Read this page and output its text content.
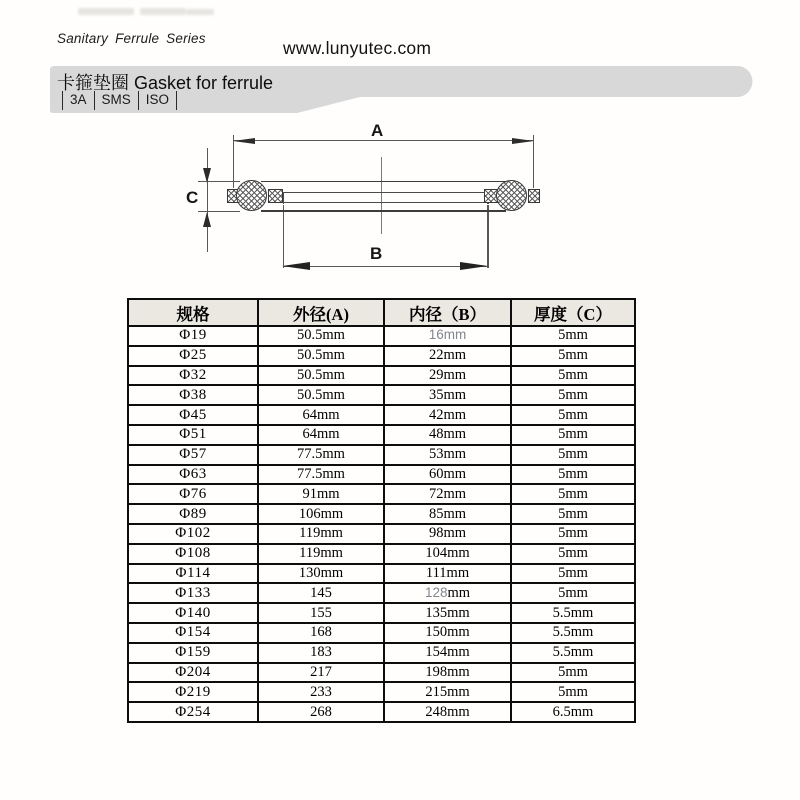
Sanitary Ferrule Series	www.lunyutec.com
卡箍垫圈 Gasket for ferrule
3A	SMS	ISO
A
C
B
规格	外径(A)	内径（B）	厚度（C）
Φ19	50.5mm	16mm	5mm
Φ25	50.5mm	22mm	5mm
Φ32	50.5mm	29mm	5mm
Φ38	50.5mm	35mm	5mm
Φ45	64mm	42mm	5mm
Φ51	64mm	48mm	5mm
Φ57	77.5mm	53mm	5mm
Φ63	77.5mm	60mm	5mm
Φ76	91mm	72mm	5mm
Φ89	106mm	85mm	5mm
Φ102	119mm	98mm	5mm
Φ108	119mm	104mm	5mm
Φ114	130mm	111mm	5mm
Φ133	145	128mm	5mm
Φ140	155	135mm	5.5mm
Φ154	168	150mm	5.5mm
Φ159	183	154mm	5.5mm
Φ204	217	198mm	5mm
Φ219	233	215mm	5mm
Φ254	268	248mm	6.5mm
